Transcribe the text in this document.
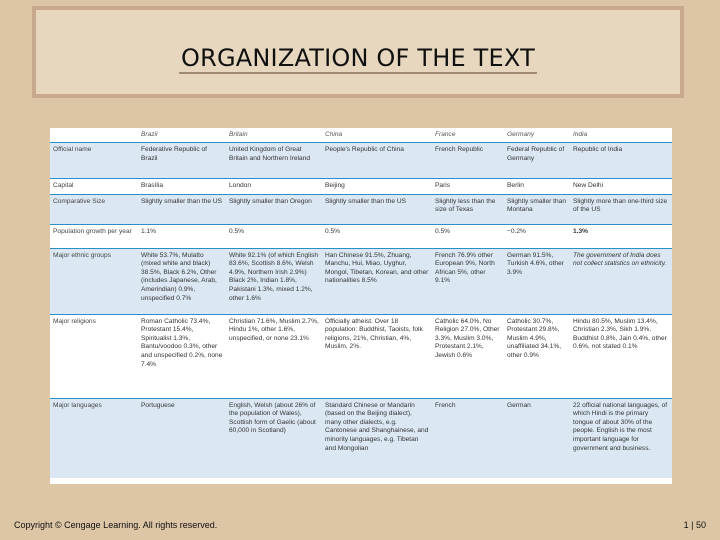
ORGANIZATION OF THE TEXT
	Brazil	Britain	China	France	Germany	India
Official name	Federative Republic of Brazil	United Kingdom of Great Britain and Northern Ireland	People's Republic of China	French Republic	Federal Republic of Germany	Republic of India
Capital	Brasília	London	Beijing	Paris	Berlin	New Delhi
Comparative Size	Slightly smaller than the US	Slightly smaller than Oregon	Slightly smaller than the US	Slightly less than the size of Texas	Slightly smaller than Montana	Slightly more than one-third size of the US
Population growth per year	1.1%	0.5%	0.5%	0.5%	−0.2%	1.3%
Major ethnic groups	White 53.7%, Mulatto (mixed white and black) 38.5%, Black 6.2%, Other (includes Japanese, Arab, Amerindian) 0.9%, unspecified 0.7%	White 92.1% (of which English 83.6%, Scottish 8.6%, Welsh 4.9%, Northern Irish 2.9%) Black 2%, Indian 1.8%, Pakistani 1.3%, mixed 1.2%, other 1.6%	Han Chinese 91.5%, Zhuang, Manchu, Hui, Miao, Uyghur, Mongol, Tibetan, Korean, and other nationalities 8.5%	French 76.9% other European 9%, North African 5%, other 9.1%	German 91.5%, Turkish 4.6%, other 3.9%	The government of India does not collect statistics on ethnicity.
Major religions	Roman Catholic 73.4%, Protestant 15.4%, Spiritualist 1.3%, Bantu/voodoo 0.3%, other and unspecified 0.2%, none 7.4%	Christian 71.6%, Muslim 2.7%, Hindu 1%, other 1.6%, unspecified, or none 23.1%	Officially atheist. Over 18 population: Buddhist, Taoists, folk religions, 21%, Christian, 4%, Muslim, 2%.	Catholic 64.0%, No Religion 27.0%, Other 3.3%, Muslim 3.0%, Protestant 2.1%, Jewish 0.6%	Catholic 30.7%, Protestant 29.8%, Muslim 4.9%, unaffiliated 34.1%, other 0.9%	Hindu 80.5%, Muslim 13.4%, Christian 2.3%, Sikh 1.9%, Buddhist 0.8%, Jain 0.4%, other 0.6%, not stated 0.1%
Major languages	Portuguese	English, Welsh (about 26% of the population of Wales), Scottish form of Gaelic (about 60,000 in Scotland)	Standard Chinese or Mandarin (based on the Beijing dialect), many other dialects, e.g. Cantonese and Shanghainese, and minority languages, e.g. Tibetan and Mongolian	French	German	22 official national languages, of which Hindi is the primary tongue of about 30% of the people. English is the most important language for government and business.
Copyright © Cengage Learning. All rights reserved.	1 | 50
